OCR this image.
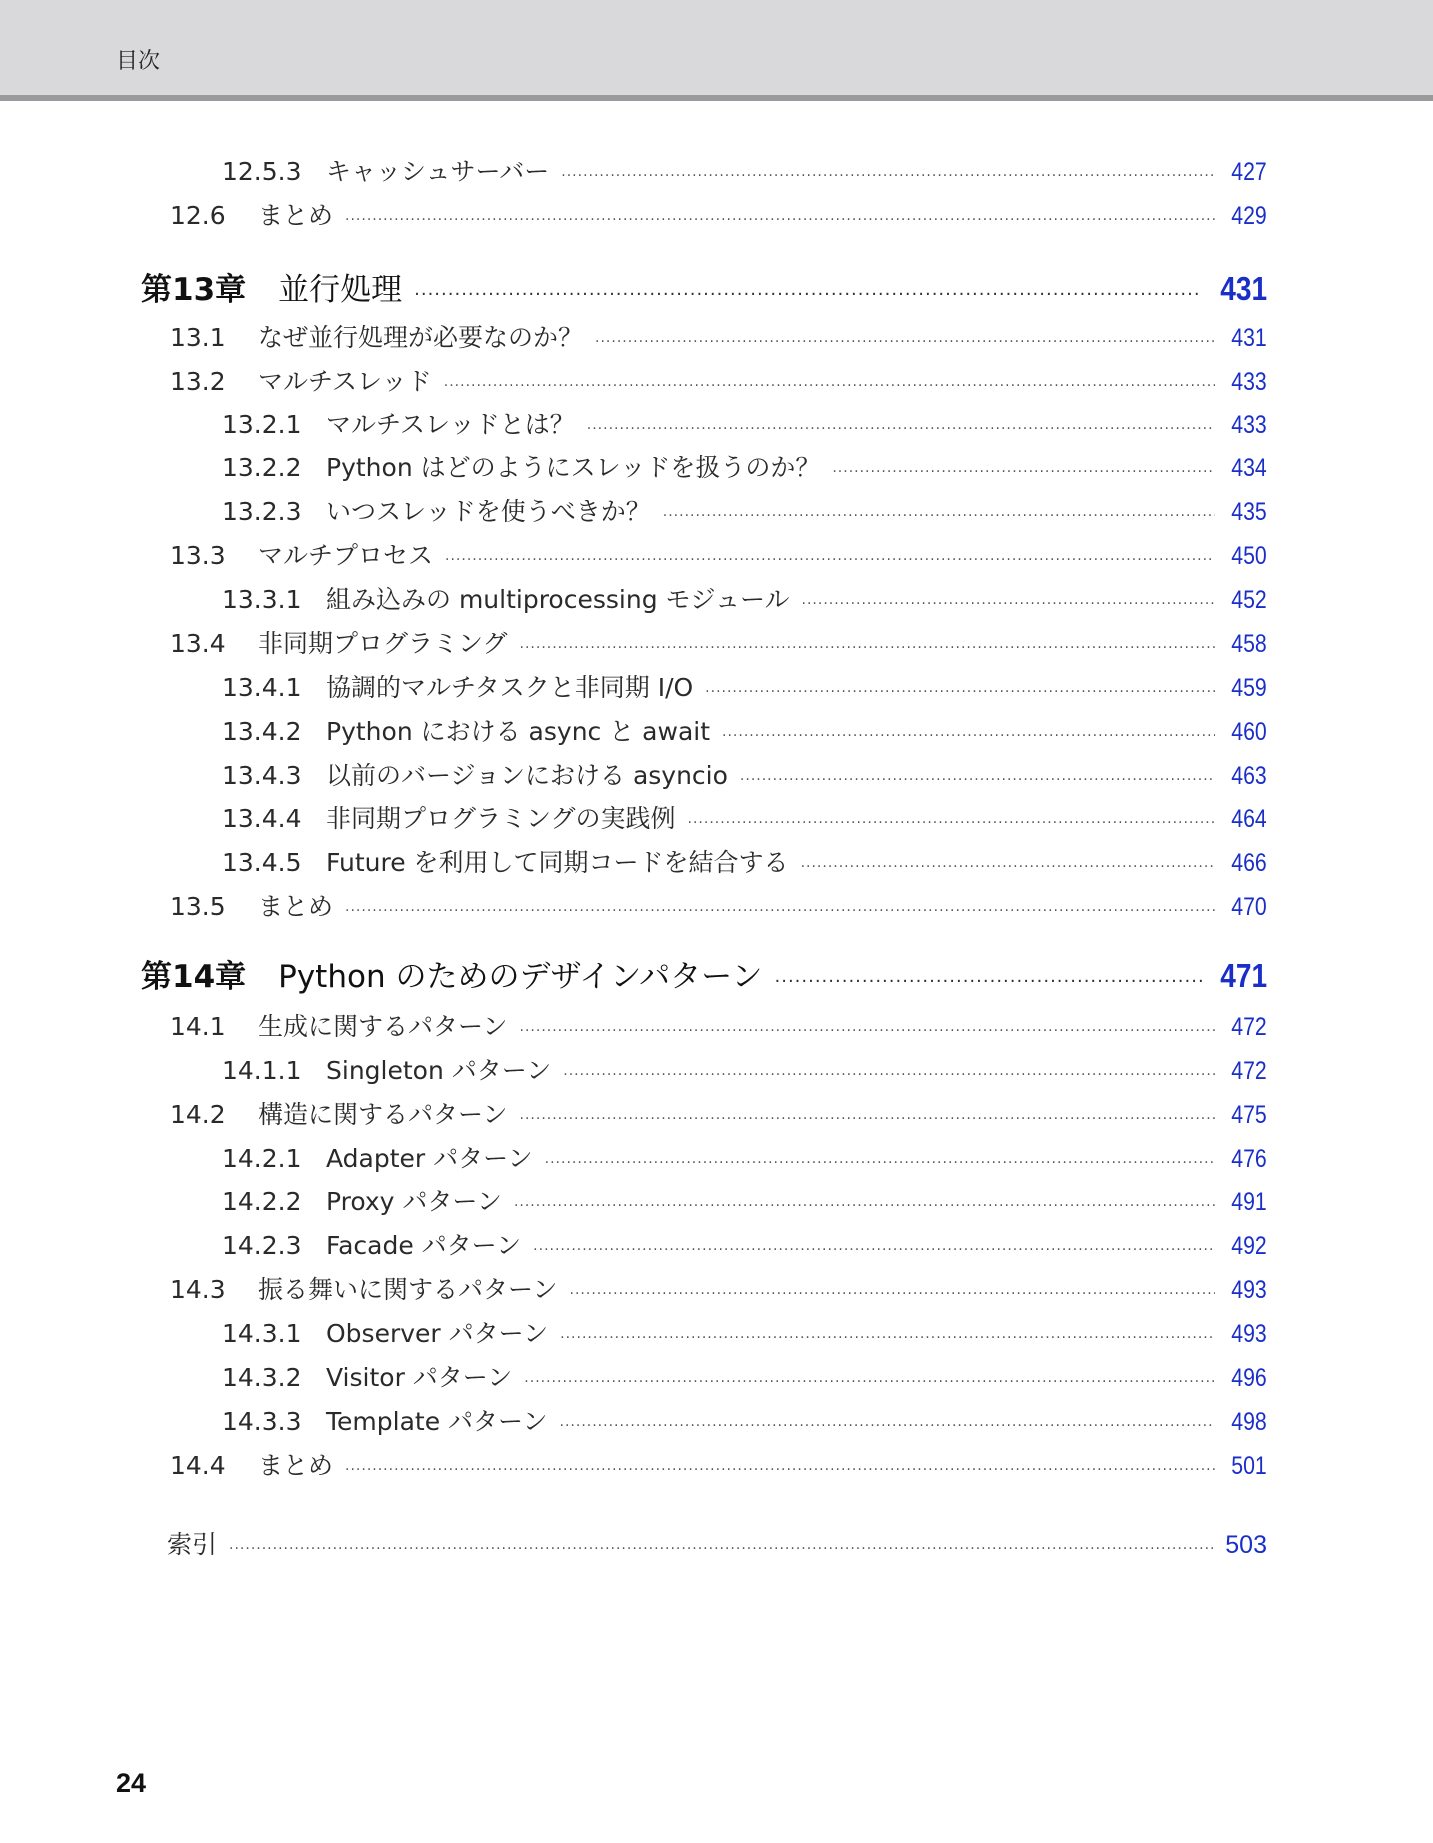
目次
12.5.3 キャッシュサーバー ·····	427
12.6	まとめ ·····	429
第13章 並行処理 ·····	431
13.1	なぜ並行処理が必要なのか？ ·····	431
13.2	マルチスレッド ·····	433
13.2.1 マルチスレッドとは？ ·····	433
13.2.2 Python はどのようにスレッドを扱うのか？ ·····	434
13.2.3 いつスレッドを使うべきか？ ·····	435
13.3	マルチプロセス ·····	450
13.3.1 組み込みの multiprocessing モジュール ·····	452
13.4	非同期プログラミング ·····	458
13.4.1 協調的マルチタスクと非同期 I/O ·····	459
13.4.2 Python における async と await ·····	460
13.4.3 以前のバージョンにおける asyncio ·····	463
13.4.4 非同期プログラミングの実践例 ·····	464
13.4.5 Future を利用して同期コードを結合する ·····	466
13.5	まとめ ·····	470
第14章 Python のためのデザインパターン ·····	471
14.1	生成に関するパターン ·····	472
14.1.1 Singleton パターン ·····	472
14.2	構造に関するパターン ·····	475
14.2.1 Adapter パターン ·····	476
14.2.2 Proxy パターン ·····	491
14.2.3 Facade パターン ·····	492
14.3	振る舞いに関するパターン ·····	493
14.3.1 Observer パターン ·····	493
14.3.2 Visitor パターン ·····	496
14.3.3 Template パターン ·····	498
14.4	まとめ ·····	501
索引 ·····	503
24
